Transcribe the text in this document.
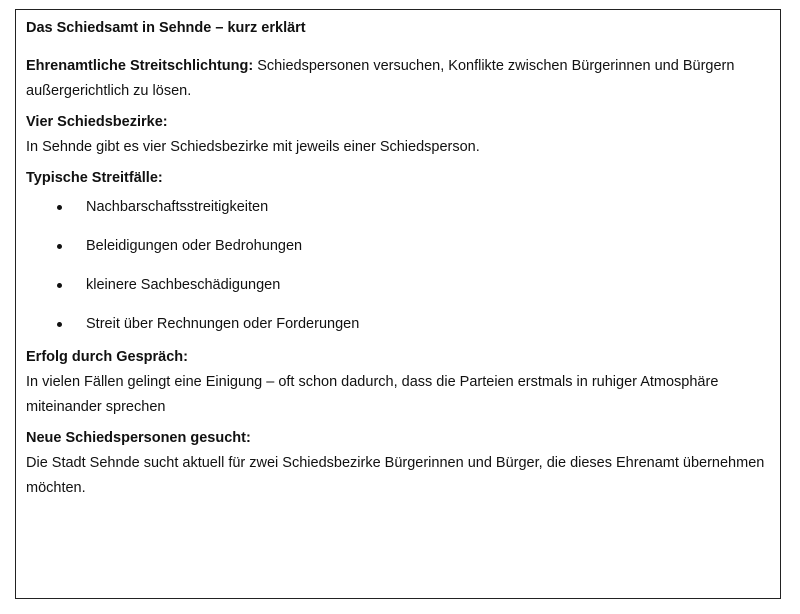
Das Schiedsamt in Sehnde – kurz erklärt
Ehrenamtliche Streitschlichtung: Schiedspersonen versuchen, Konflikte zwischen Bürgerinnen und Bürgern außergerichtlich zu lösen.
Vier Schiedsbezirke:
In Sehnde gibt es vier Schiedsbezirke mit jeweils einer Schiedsperson.
Typische Streitfälle:
Nachbarschaftsstreitigkeiten
Beleidigungen oder Bedrohungen
kleinere Sachbeschädigungen
Streit über Rechnungen oder Forderungen
Erfolg durch Gespräch:
In vielen Fällen gelingt eine Einigung – oft schon dadurch, dass die Parteien erstmals in ruhiger Atmosphäre miteinander sprechen
Neue Schiedspersonen gesucht:
Die Stadt Sehnde sucht aktuell für zwei Schiedsbezirke Bürgerinnen und Bürger, die dieses Ehrenamt übernehmen möchten.
